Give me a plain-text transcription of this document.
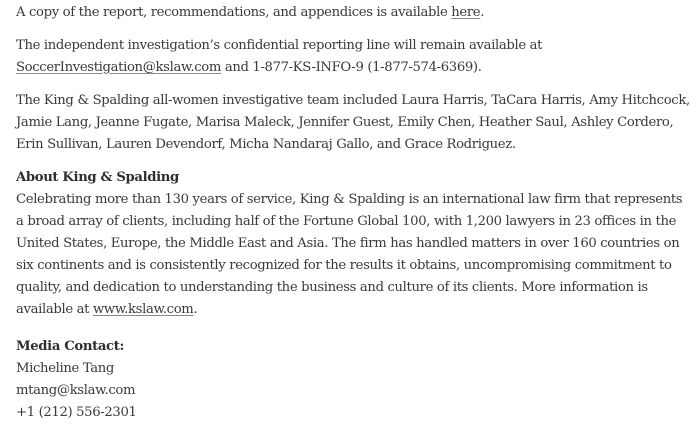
A copy of the report, recommendations, and appendices is available here.

The independent investigation’s confidential reporting line will remain available at SoccerInvestigation@kslaw.com and 1-877-KS-INFO-9 (1-877-574-6369).

The King & Spalding all-women investigative team included Laura Harris, TaCara Harris, Amy Hitchcock, Jamie Lang, Jeanne Fugate, Marisa Maleck, Jennifer Guest, Emily Chen, Heather Saul, Ashley Cordero, Erin Sullivan, Lauren Devendorf, Micha Nandaraj Gallo, and Grace Rodriguez.

About King & Spalding
Celebrating more than 130 years of service, King & Spalding is an international law firm that represents a broad array of clients, including half of the Fortune Global 100, with 1,200 lawyers in 23 offices in the United States, Europe, the Middle East and Asia. The firm has handled matters in over 160 countries on six continents and is consistently recognized for the results it obtains, uncompromising commitment to quality, and dedication to understanding the business and culture of its clients. More information is available at www.kslaw.com.

Media Contact:
Micheline Tang
mtang@kslaw.com
+1 (212) 556-2301
